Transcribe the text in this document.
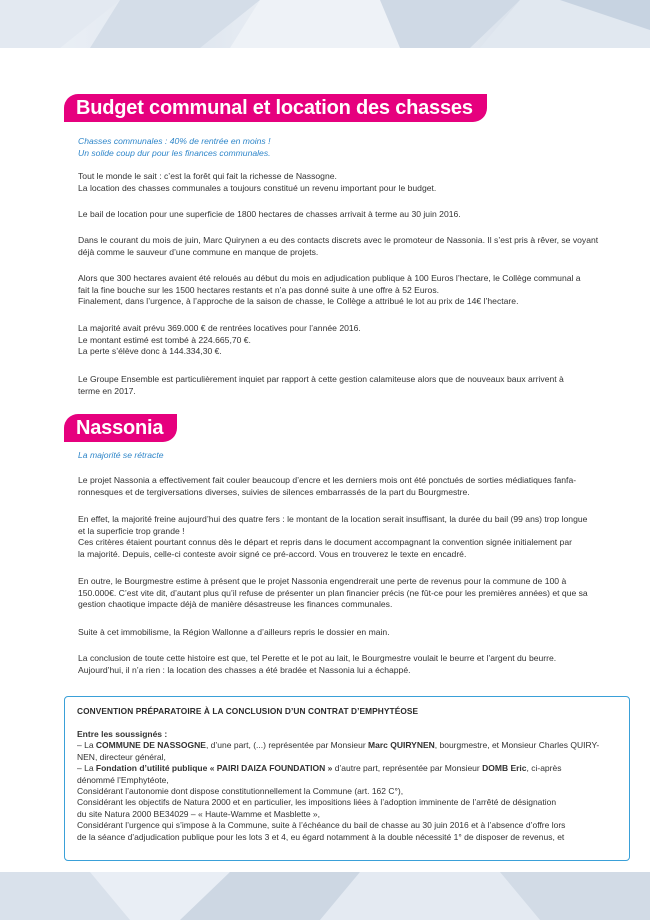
Budget communal et location des chasses
Chasses communales : 40% de rentrée en moins !
Un solide coup dur pour les finances communales.
Tout le monde le sait : c’est la forêt qui fait la richesse de Nassogne.
La location des chasses communales a toujours constitué un revenu important pour le budget.
Le bail de location pour une superficie de 1800 hectares de chasses arrivait à terme au 30 juin 2016.
Dans le courant du mois de juin, Marc Quirynen a eu des contacts discrets avec le promoteur de Nassonia. Il s’est pris à rêver, se voyant
déjà comme le sauveur d’une commune en manque de projets.
Alors que 300 hectares avaient été reloués au début du mois en adjudication publique à 100 Euros l’hectare, le Collège communal a
fait la fine bouche sur les 1500 hectares restants et n’a pas donné suite à une offre à 52 Euros.
Finalement, dans l’urgence, à l’approche de la saison de chasse, le Collège a attribué le lot au prix de 14€ l’hectare.
La majorité avait prévu 369.000 € de rentrées locatives pour l’année 2016.
Le montant estimé est tombé à 224.665,70 €.
La perte s’élève donc à 144.334,30 €.
Le Groupe Ensemble est particulièrement inquiet par rapport à cette gestion calamiteuse alors que de nouveaux baux arrivent à
terme en 2017.
Nassonia
La majorité se rétracte
Le projet Nassonia a effectivement fait couler beaucoup d’encre et les derniers mois ont été ponctués de sorties médiatiques fanfa-
ronnesques et de tergiversations diverses, suivies de silences embarrassés de la part du Bourgmestre.
En effet, la majorité freine aujourd’hui des quatre fers : le montant de la location serait insuffisant, la durée du bail (99 ans) trop longue
et la superficie trop grande !
Ces critères étaient pourtant connus dès le départ et repris dans le document accompagnant la convention signée initialement par
la majorité. Depuis, celle-ci conteste avoir signé ce pré-accord. Vous en trouverez le texte en encadré.
En outre, le Bourgmestre estime à présent que le projet Nassonia engendrerait une perte de revenus pour la commune de 100 à
150.000€. C’est vite dit, d’autant plus qu’il refuse de présenter un plan financier précis (ne fût-ce pour les premières années) et que sa
gestion chaotique impacte déjà de manière désastreuse les finances communales.
Suite à cet immobilisme, la Région Wallonne a d’ailleurs repris le dossier en main.
La conclusion de toute cette histoire est que, tel Perette et le pot au lait, le Bourgmestre voulait le beurre et l’argent du beurre.
Aujourd’hui, il n’a rien : la location des chasses a été bradée et Nassonia lui a échappé.
CONVENTION PRÉPARATOIRE À LA CONCLUSION D’UN CONTRAT D’EMPHYTÉOSE
Entre les soussignés :
– La COMMUNE DE NASSOGNE, d’une part, (...) représentée par Monsieur Marc QUIRYNEN, bourgmestre, et Monsieur Charles QUIRY-
NEN, directeur général,
– La Fondation d’utilité publique « PAIRI DAIZA FOUNDATION » d’autre part, représentée par Monsieur DOMB Eric, ci-après
dénommé l’Emphytéote,
Considérant l’autonomie dont dispose constitutionnellement la Commune (art. 162 C°),
Considérant les objectifs de Natura 2000 et en particulier, les impositions liées à l’adoption imminente de l’arrêté de désignation
du site Natura 2000 BE34029 – « Haute-Wamme et Masblette »,
Considérant l’urgence qui s’impose à la Commune, suite à l’échéance du bail de chasse au 30 juin 2016 et à l’absence d’offre lors
de la séance d’adjudication publique pour les lots 3 et 4, eu égard notamment à la double nécessité 1° de disposer de revenus, et
